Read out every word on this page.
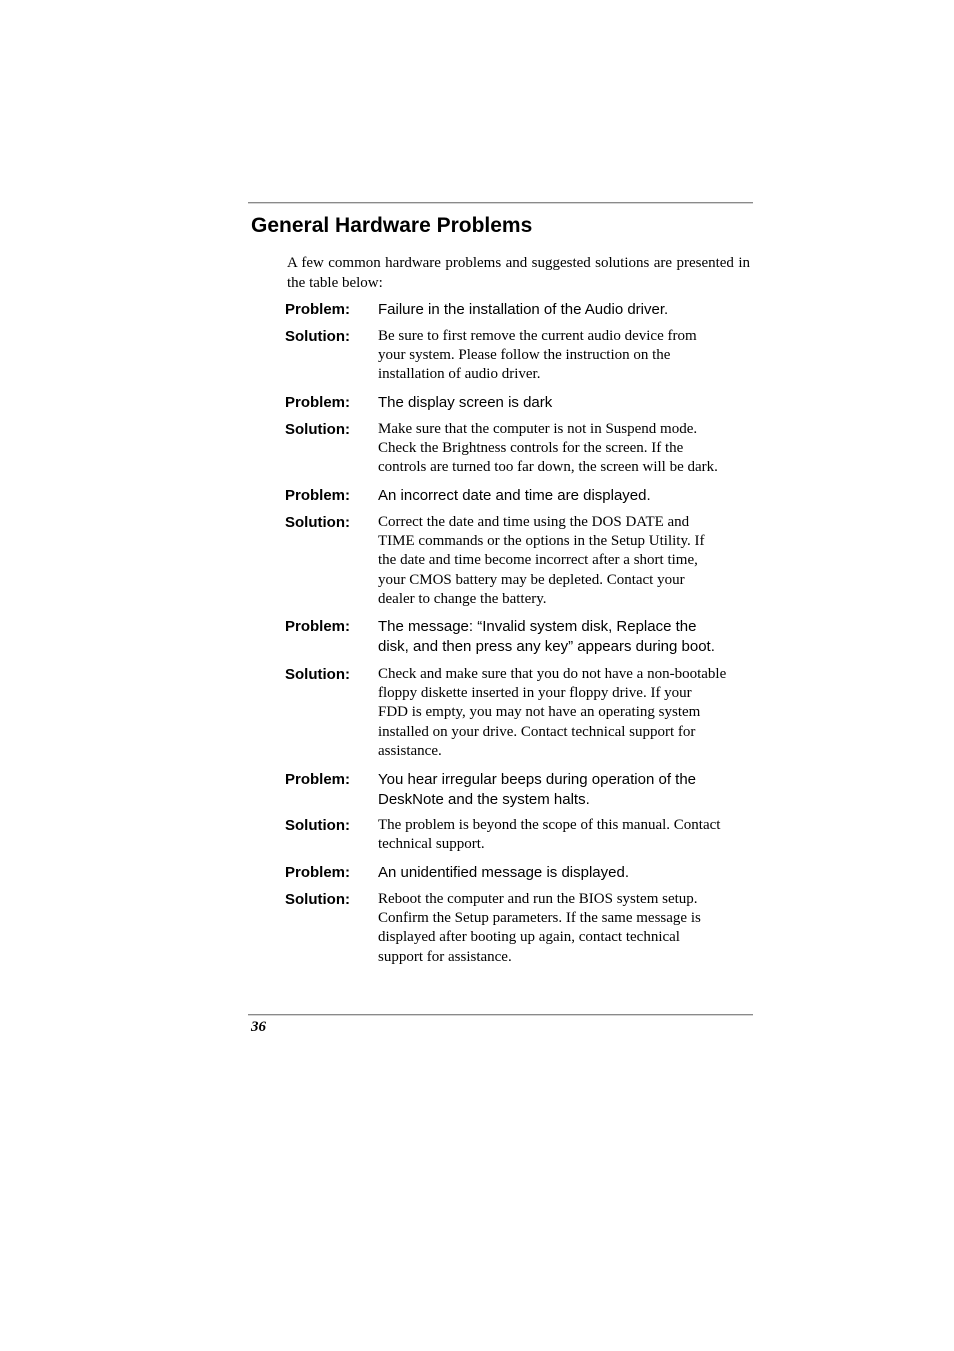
General Hardware Problems

A few common hardware problems and suggested solutions are presented in the table below:

Problem: Failure in the installation of the Audio driver.
Solution: Be sure to first remove the current audio device from
your system. Please follow the instruction on the
installation of audio driver.
Problem: The display screen is dark
Solution: Make sure that the computer is not in Suspend mode.
Check the Brightness controls for the screen. If the
controls are turned too far down, the screen will be dark.
Problem: An incorrect date and time are displayed.
Solution: Correct the date and time using the DOS DATE and
TIME commands or the options in the Setup Utility. If
the date and time become incorrect after a short time,
your CMOS battery may be depleted. Contact your
dealer to change the battery.
Problem: The message: “Invalid system disk, Replace the
disk, and then press any key” appears during boot.
Solution: Check and make sure that you do not have a non-bootable
floppy diskette inserted in your floppy drive. If your
FDD is empty, you may not have an operating system
installed on your drive. Contact technical support for
assistance.
Problem: You hear irregular beeps during operation of the
DeskNote and the system halts.
Solution: The problem is beyond the scope of this manual. Contact
technical support.
Problem: An unidentified message is displayed.
Solution: Reboot the computer and run the BIOS system setup.
Confirm the Setup parameters. If the same message is
displayed after booting up again, contact technical
support for assistance.

36
